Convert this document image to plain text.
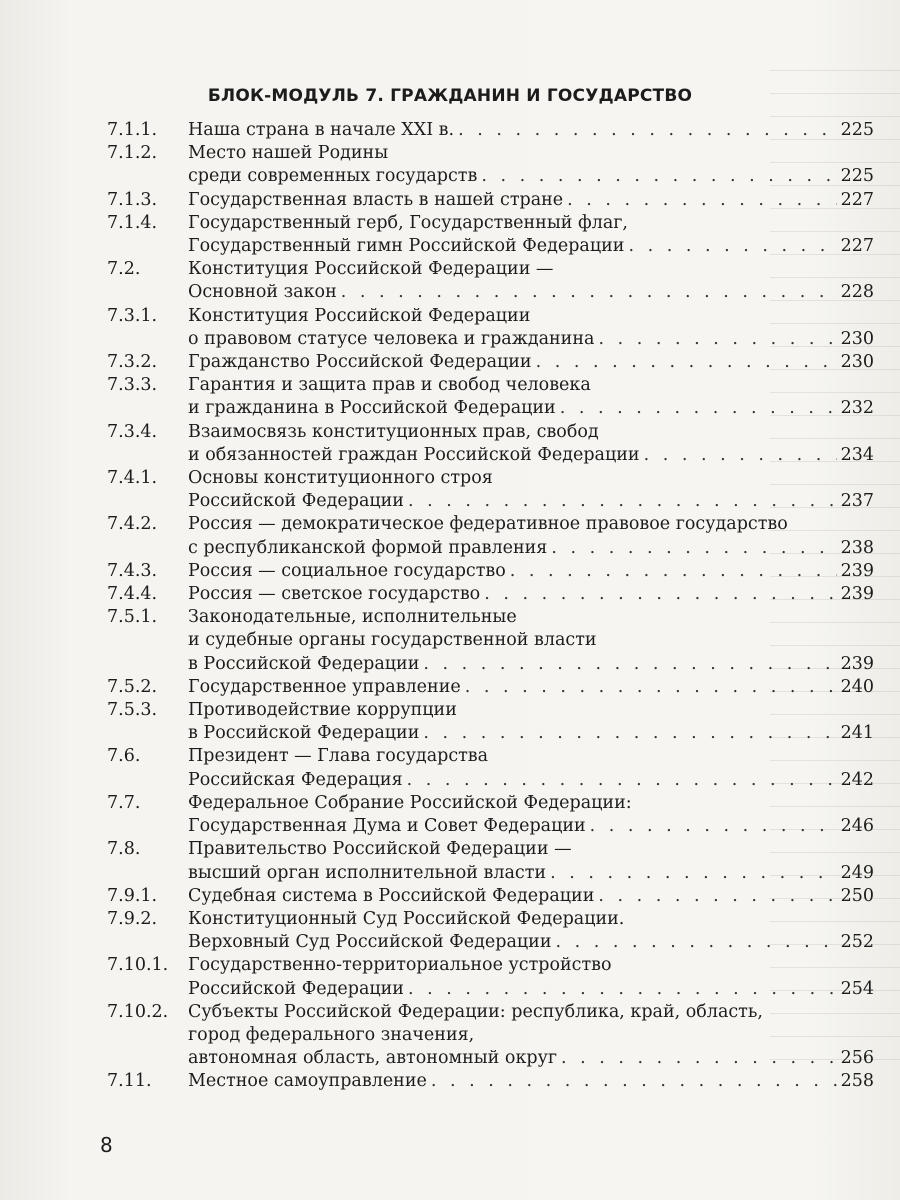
БЛОК-МОДУЛЬ 7. ГРАЖДАНИН И ГОСУДАРСТВО
7.1.1.	Наша страна в начале XXI в. . . .	225
7.1.2.	Место нашей Родины
среди современных государств . . .	225
7.1.3.	Государственная власть в нашей стране . . .	227
7.1.4.	Государственный герб, Государственный флаг,
Государственный гимн Российской Федерации . . .	227
7.2.	Конституция Российской Федерации —
Основной закон . . .	228
7.3.1.	Конституция Российской Федерации
о правовом статусе человека и гражданина . . .	230
7.3.2.	Гражданство Российской Федерации . . .	230
7.3.3.	Гарантия и защита прав и свобод человека
и гражданина в Российской Федерации . . .	232
7.3.4.	Взаимосвязь конституционных прав, свобод
и обязанностей граждан Российской Федерации . . .	234
7.4.1.	Основы конституционного строя
Российской Федерации . . .	237
7.4.2.	Россия — демократическое федеративное правовое государство
с республиканской формой правления . . .	238
7.4.3.	Россия — социальное государство . . .	239
7.4.4.	Россия — светское государство . . .	239
7.5.1.	Законодательные, исполнительные
и судебные органы государственной власти
в Российской Федерации . . .	239
7.5.2.	Государственное управление . . .	240
7.5.3.	Противодействие коррупции
в Российской Федерации . . .	241
7.6.	Президент — Глава государства
Российская Федерация . . .	242
7.7.	Федеральное Собрание Российской Федерации:
Государственная Дума и Совет Федерации . . .	246
7.8.	Правительство Российской Федерации —
высший орган исполнительной власти . . .	249
7.9.1.	Судебная система в Российской Федерации . . .	250
7.9.2.	Конституционный Суд Российской Федерации.
Верховный Суд Российской Федерации . . .	252
7.10.1.	Государственно-территориальное устройство
Российской Федерации . . .	254
7.10.2.	Субъекты Российской Федерации: республика, край, область,
город федерального значения,
автономная область, автономный округ . . .	256
7.11.	Местное самоуправление . . .	258
8
